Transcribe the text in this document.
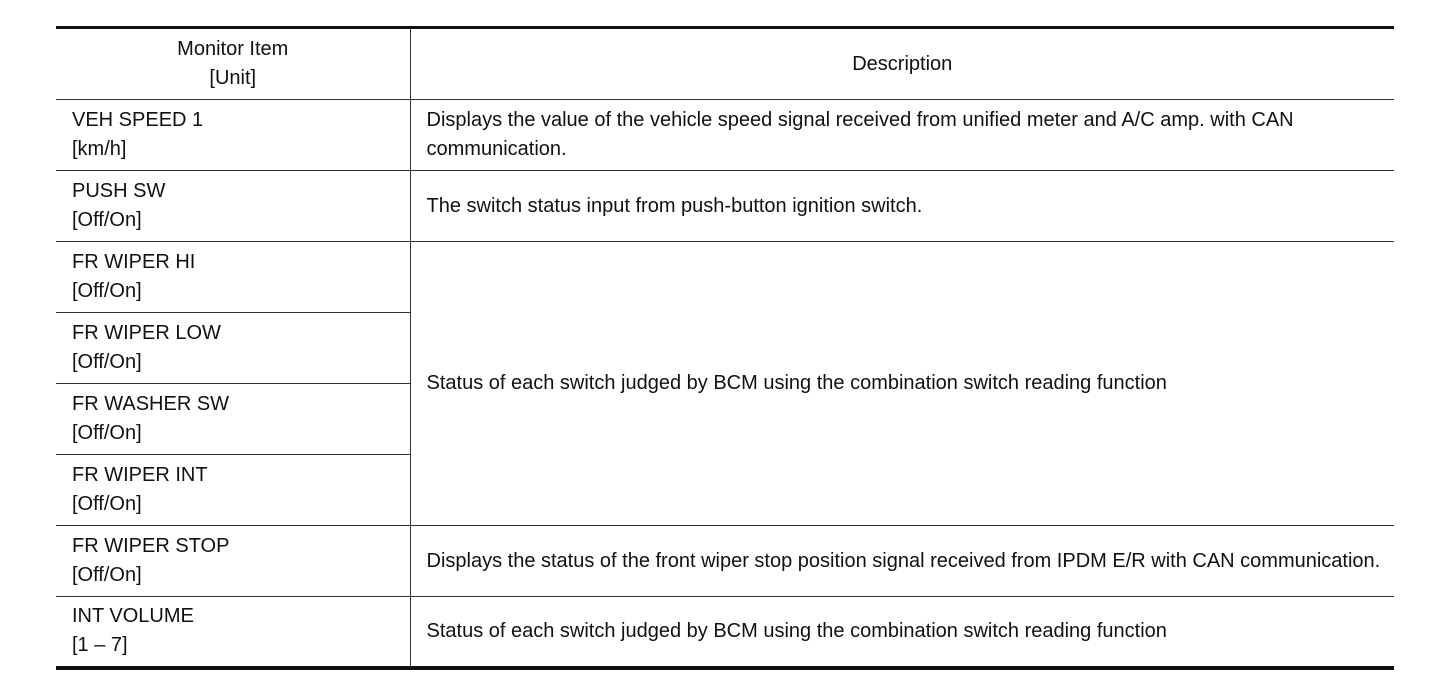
Monitor Item
[Unit]	Description

VEH SPEED 1
[km/h]	Displays the value of the vehicle speed signal received from unified meter and A/C amp. with CAN communication.

PUSH SW
[Off/On]	The switch status input from push-button ignition switch.

FR WIPER HI
[Off/On]	Status of each switch judged by BCM using the combination switch reading function

FR WIPER LOW
[Off/On]	

FR WASHER SW
[Off/On]	

FR WIPER INT
[Off/On]	

FR WIPER STOP
[Off/On]	Displays the status of the front wiper stop position signal received from IPDM E/R with CAN communication.

INT VOLUME
[1 – 7]	Status of each switch judged by BCM using the combination switch reading function
